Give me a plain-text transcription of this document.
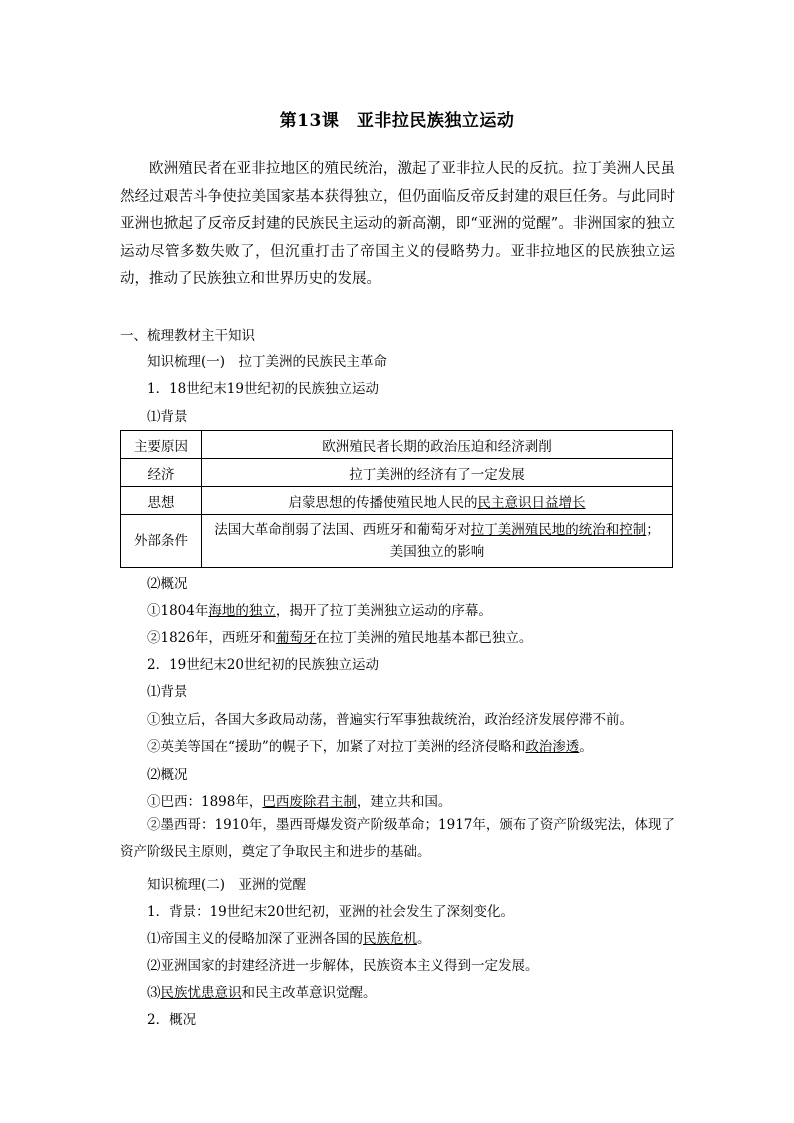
第13课　亚非拉民族独立运动
欧洲殖民者在亚非拉地区的殖民统治，激起了亚非拉人民的反抗。拉丁美洲人民虽然经过艰苦斗争使拉美国家基本获得独立，但仍面临反帝反封建的艰巨任务。与此同时亚洲也掀起了反帝反封建的民族民主运动的新高潮，即“亚洲的觉醒”。非洲国家的独立运动尽管多数失败了，但沉重打击了帝国主义的侵略势力。亚非拉地区的民族独立运动，推动了民族独立和世界历史的发展。
一、梳理教材主干知识
知识梳理(一)　拉丁美洲的民族民主革命
1．18世纪末19世纪初的民族独立运动
⑴背景
主要原因	欧洲殖民者长期的政治压迫和经济剥削
经济	拉丁美洲的经济有了一定发展
思想	启蒙思想的传播使殖民地人民的民主意识日益增长
外部条件	法国大革命削弱了法国、西班牙和葡萄牙对拉丁美洲殖民地的统治和控制；
美国独立的影响
⑵概况
①1804年海地的独立，揭开了拉丁美洲独立运动的序幕。
②1826年，西班牙和葡萄牙在拉丁美洲的殖民地基本都已独立。
2．19世纪末20世纪初的民族独立运动
⑴背景
①独立后，各国大多政局动荡，普遍实行军事独裁统治，政治经济发展停滞不前。
②英美等国在“援助”的幌子下，加紧了对拉丁美洲的经济侵略和政治渗透。
⑵概况
①巴西：1898年，巴西废除君主制，建立共和国。
②墨西哥：1910年，墨西哥爆发资产阶级革命；1917年，颁布了资产阶级宪法，体现了资产阶级民主原则，奠定了争取民主和进步的基础。
知识梳理(二)　亚洲的觉醒
1．背景：19世纪末20世纪初，亚洲的社会发生了深刻变化。
⑴帝国主义的侵略加深了亚洲各国的民族危机。
⑵亚洲国家的封建经济进一步解体，民族资本主义得到一定发展。
⑶民族忧患意识和民主改革意识觉醒。
2．概况
